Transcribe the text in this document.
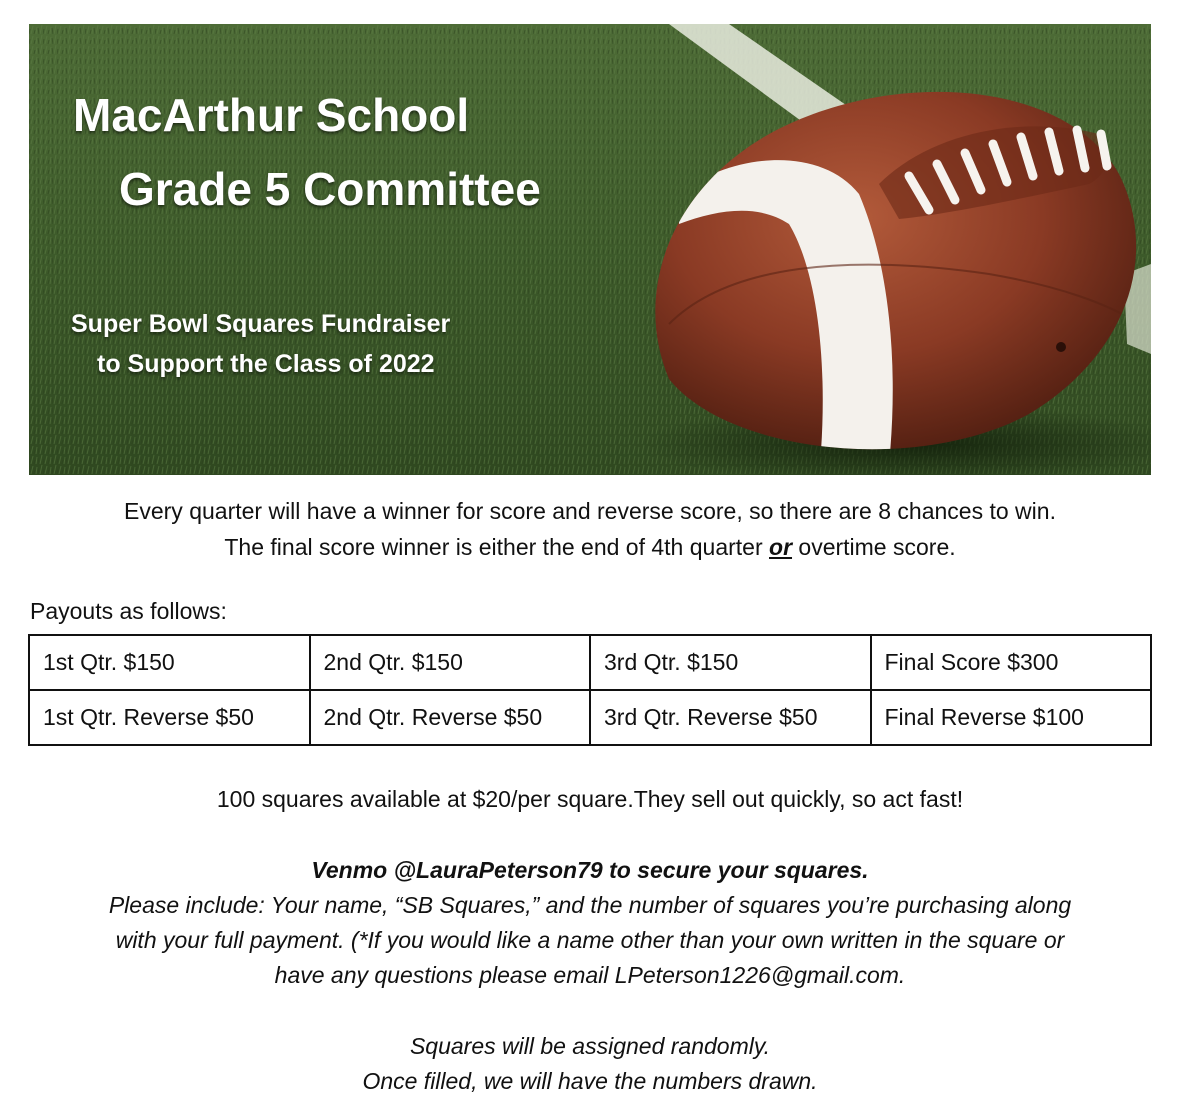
MacArthur School

Grade 5 Committee

Super Bowl Squares Fundraiser

to Support the Class of 2022

Every quarter will have a winner for score and reverse score, so there are 8 chances to win.

The final score winner is either the end of 4th quarter or overtime score.

Payouts as follows:

1st Qtr. $150	2nd Qtr. $150	3rd Qtr. $150	Final Score $300
1st Qtr. Reverse $50	2nd Qtr. Reverse $50	3rd Qtr. Reverse $50	Final Reverse $100

100 squares available at $20/per square.They sell out quickly, so act fast!

Venmo @LauraPeterson79 to secure your squares.

Please include: Your name, “SB Squares,” and the number of squares you’re purchasing along

with your full payment. (*If you would like a name other than your own written in the square or

have any questions please email LPeterson1226@gmail.com.

Squares will be assigned randomly.

Once filled, we will have the numbers drawn.
